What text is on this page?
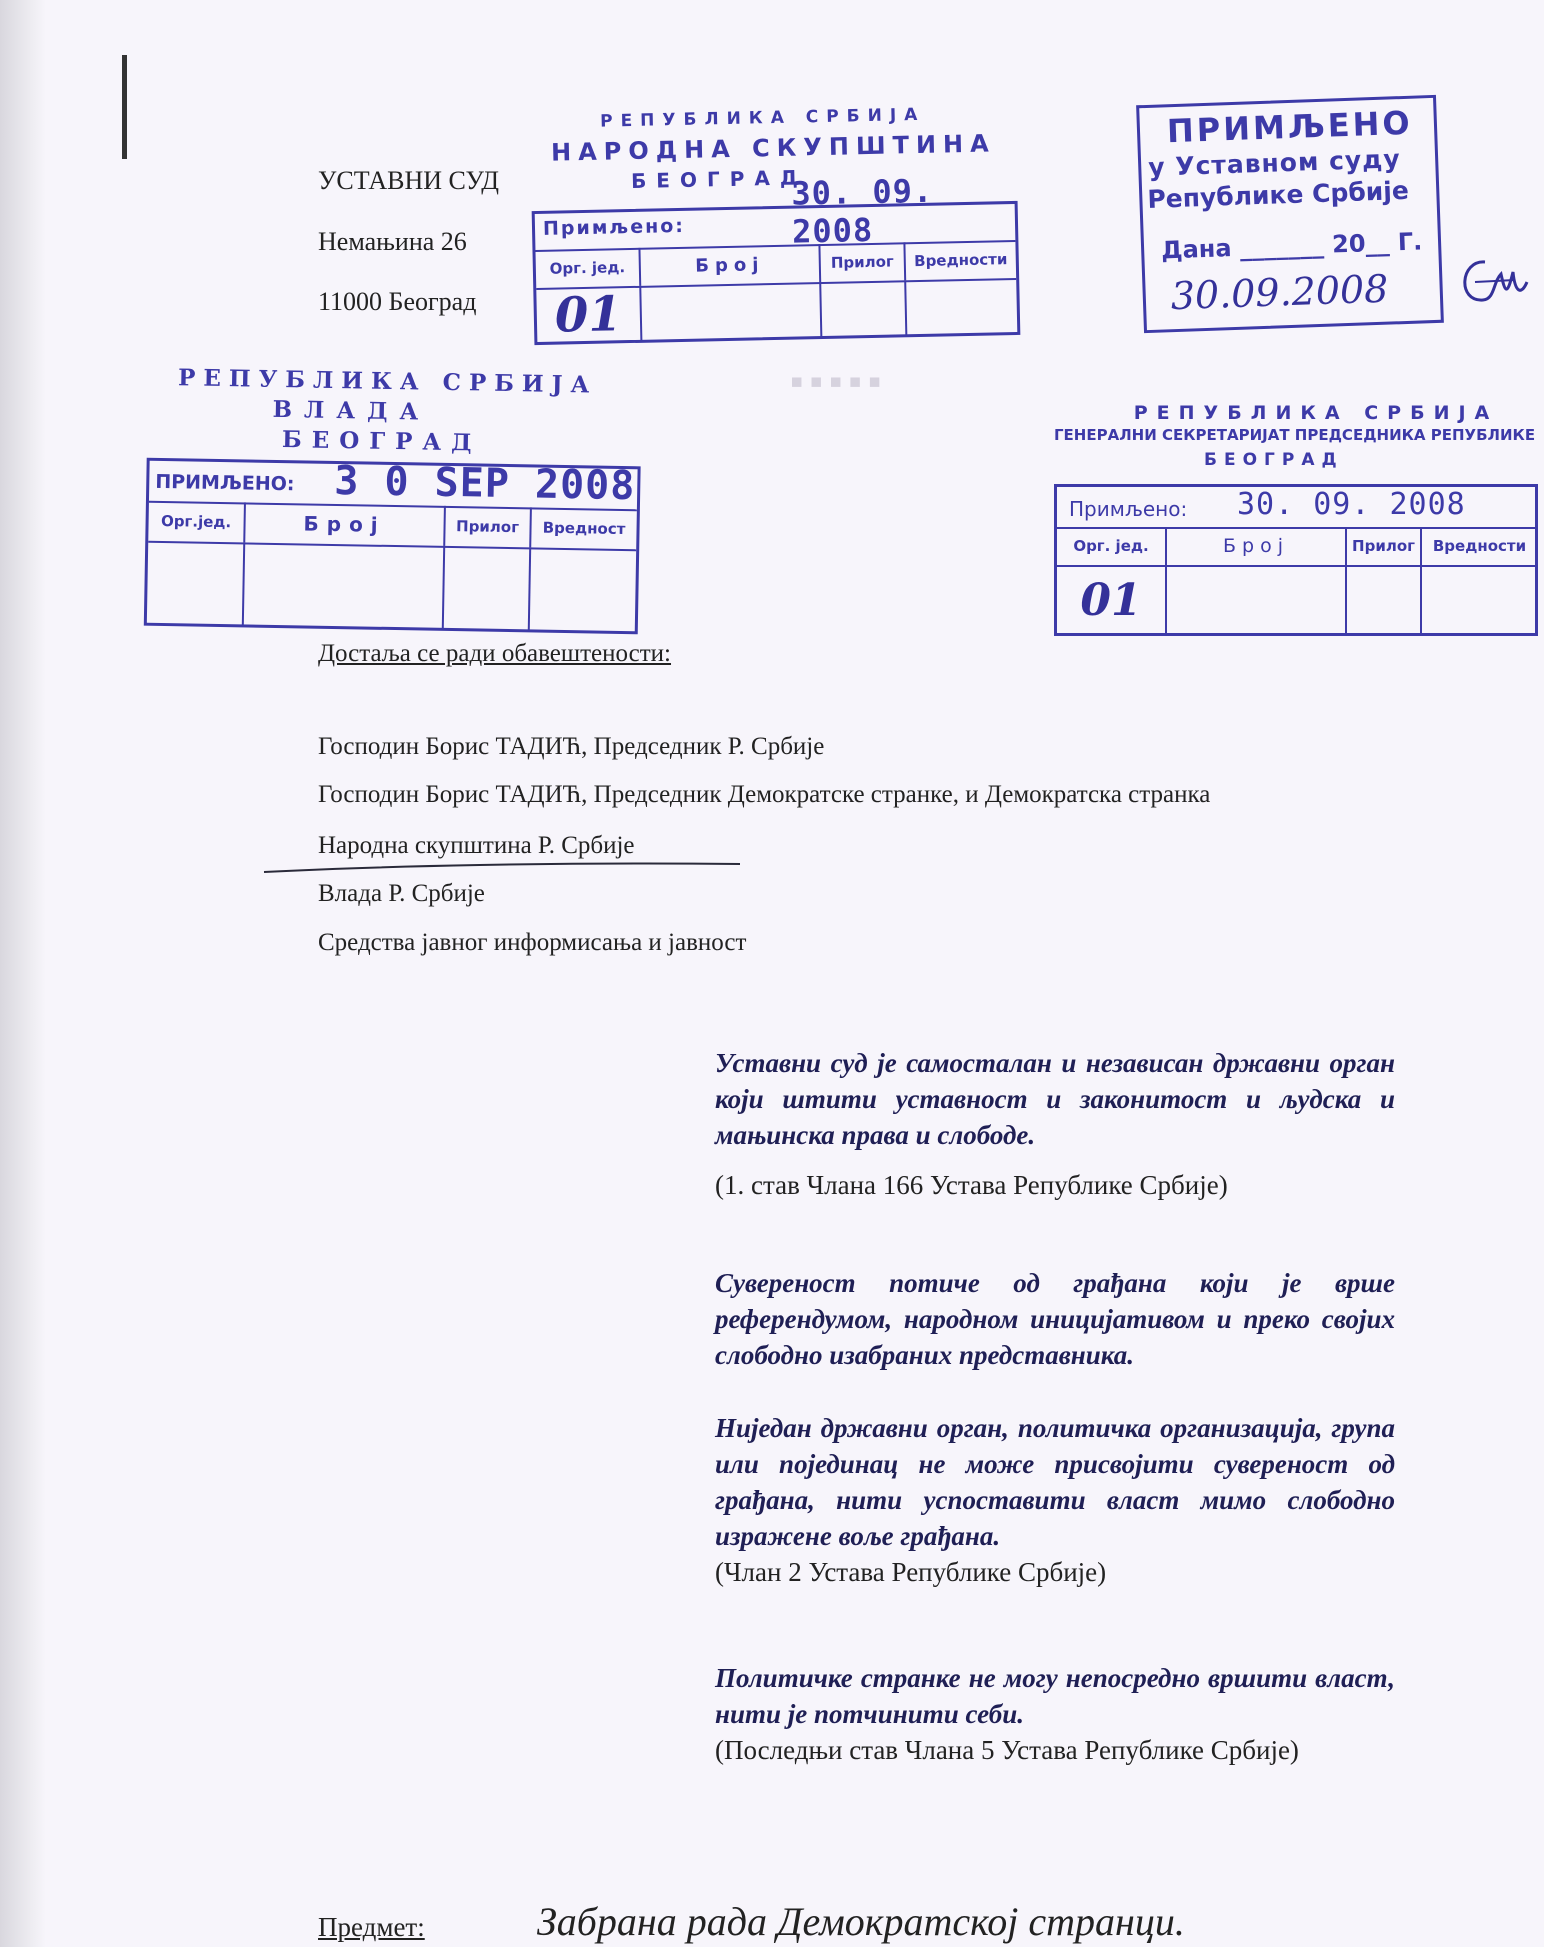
▪▪▪▪▪
УСТАВНИ СУД
Немањина 26
11000 Београд
РЕПУБЛИКА СРБИЈА
НАРОДНА СКУПШТИНА
БЕОГРАД
30. 09. 2008
Примљено:
Орг. јед.	Број	Прилог	Вредности
01
ПРИМЉЕНО
у Уставном суду
Републике Србије
Дана _______ 20__ Г.
30.09.2008
РЕПУБЛИКА СРБИЈА
ВЛАДА
БЕОГРАД
ПРИМЉЕНО: 3 0 SEP 2008
Орг.јед.	Број	Прилог	Вредност
РЕПУБЛИКА СРБИЈА
ГЕНЕРАЛНИ СЕКРЕТАРИЈАТ ПРЕДСЕДНИКА РЕПУБЛИКЕ
БЕОГРАД
Примљено: 30. 09. 2008
Орг. јед.	Број	Прилог	Вредности
01
Достаља се ради обавештености:
Господин Борис ТАДИЋ, Председник Р. Србије
Господин Борис ТАДИЋ, Председник Демократске странке, и Демократска странка
Народна скупштина Р. Србије
Влада Р. Србије
Средства јавног информисања и јавност
Уставни суд је самосталан и независан државни орган који штити уставност и законитост и људска и мањинска права и слободе.
(1. став Члана 166 Устава Републике Србије)
Сувереност потиче од грађана који је врше референдумом, народном иницијативом и преко својих слободно изабраних представника.
Ниједан државни орган, политичка организација, група или појединац не може присвојити сувереност од грађана, нити успоставити власт мимо слободно изражене воље грађана.
(Члан 2 Устава Републике Србије)
Политичке странке не могу непосредно вршити власт, нити је потчинити себи.
(Последњи став Члана 5 Устава Републике Србије)
Предмет:	Забрана рада Демократској странци.
